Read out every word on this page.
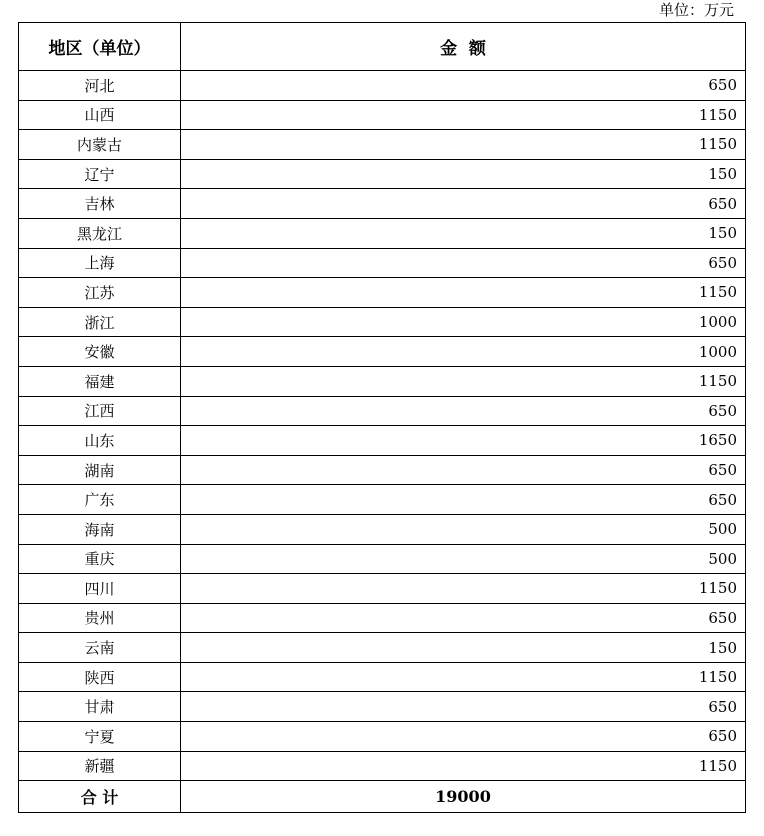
单位：万元
地区（单位）	金  额
河北	650
山西	1150
内蒙古	1150
辽宁	150
吉林	650
黑龙江	150
上海	650
江苏	1150
浙江	1000
安徽	1000
福建	1150
江西	650
山东	1650
湖南	650
广东	650
海南	500
重庆	500
四川	1150
贵州	650
云南	150
陕西	1150
甘肃	650
宁夏	650
新疆	1150
合 计	19000
